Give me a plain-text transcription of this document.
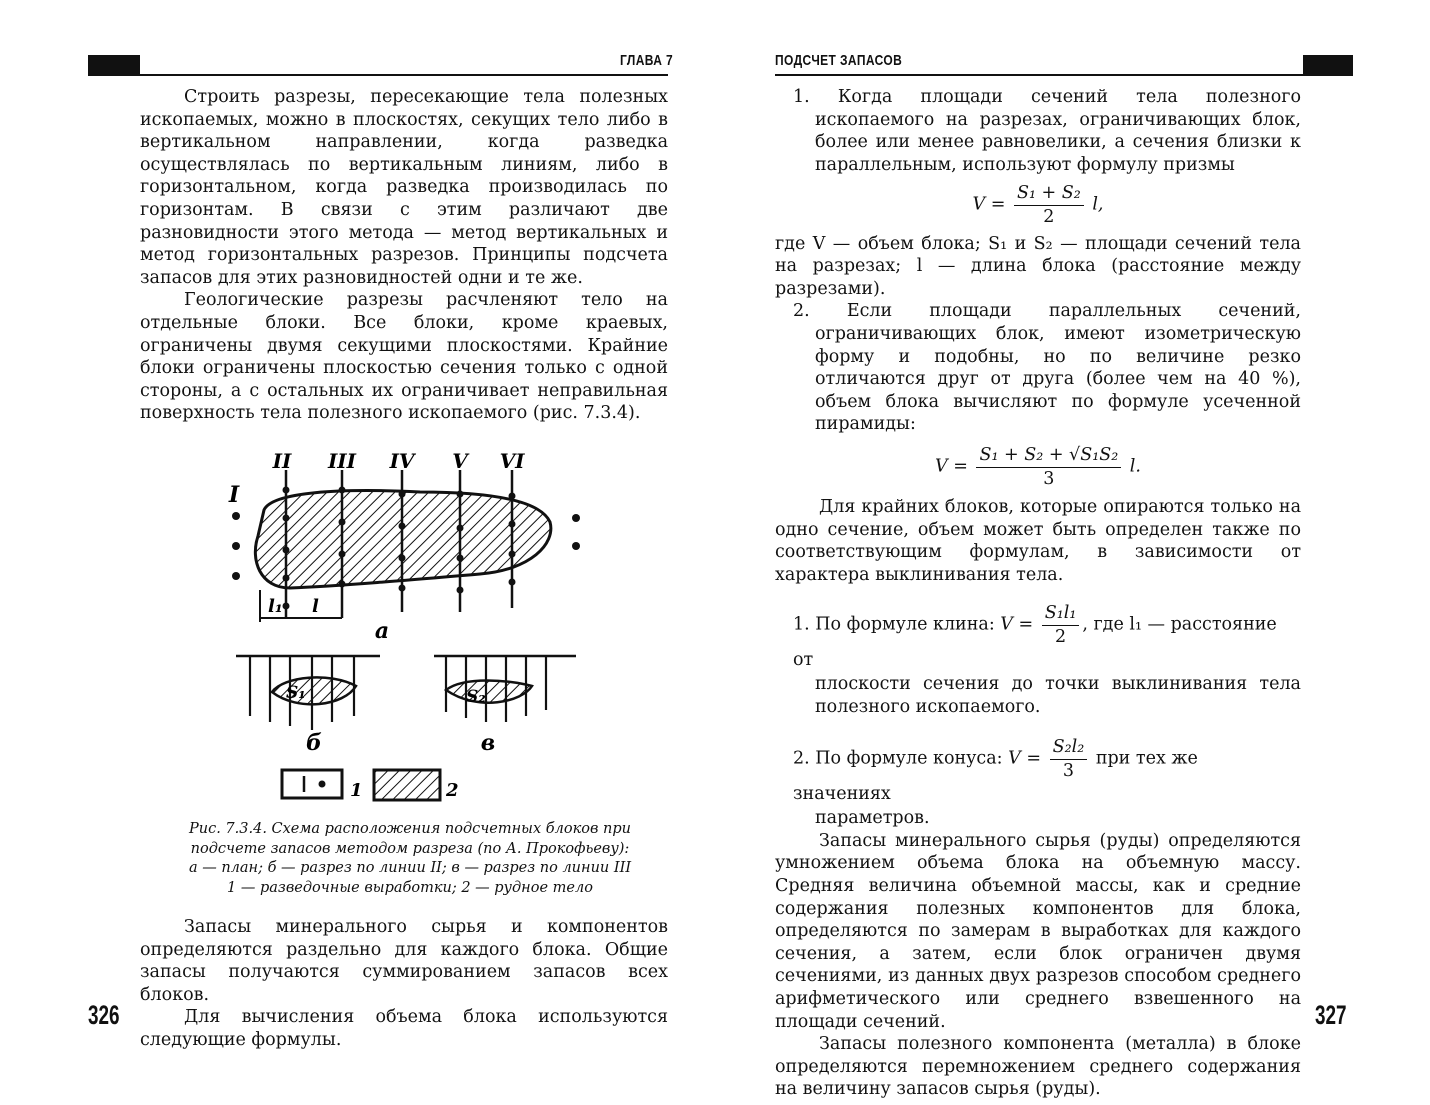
ГЛАВА 7

Строить разрезы, пересекающие тела полезных ископаемых, можно в плоскостях, секущих тело либо в вертикальном направлении, когда разведка осуществлялась по вертикальным линиям, либо в горизонтальном, когда разведка производилась по горизонтам. В связи с этим различают две разновидности этого метода — метод вертикальных и метод горизонтальных разрезов. Принципы подсчета запасов для этих разновидностей одни и те же.

Геологические разрезы расчленяют тело на отдельные блоки. Все блоки, кроме краевых, ограничены двумя секущими плоскостями. Крайние блоки ограничены плоскостью сечения только с одной стороны, а с остальных их ограничивает неправильная поверхность тела полезного ископаемого (рис. 7.3.4).

II III IV V VI
I
l₁ l
а
S₁
б
S₂
в
1	2
Рис. 7.3.4. Схема расположения подсчетных блоков при
подсчете запасов методом разреза (по А. Прокофьеву):
а — план; б — разрез по линии II; в — разрез по линии III
1 — разведочные выработки; 2 — рудное тело

Запасы минерального сырья и компонентов определяются раздельно для каждого блока. Общие запасы получаются суммированием запасов всех блоков.

Для вычисления объема блока используются следующие формулы.

326
ПОДСЧЕТ ЗАПАСОВ

1. Когда площади сечений тела полезного ископаемого на разрезах, ограничивающих блок, более или менее равновелики, а сечения близки к параллельным, используют формулу призмы

$V = \frac{\text{S₁ + S₂}}{2} l$,

где V — объем блока; S₁ и S₂ — площади сечений тела на разрезах; l — длина блока (расстояние между разрезами).

2. Если площади параллельных сечений, ограничивающих блок, имеют изометрическую форму и подобны, но по величине резко отличаются друг от друга (более чем на 40 %), объем блока вычисляют по формуле усеченной пирамиды:

$V = \frac{\text{S₁ + S₂ + √S₁S₂}}{3} l$.

Для крайних блоков, которые опираются только на одно сечение, объем может быть определен также по соответствующим формулам, в зависимости от характера выклинивания тела.

1. По формуле клина: $V = \frac{\text{S₁l₁}}{2}$ , где l₁ — расстояние от

плоскости сечения до точки выклинивания тела полезного ископаемого.

2. По формуле конуса: $V = \frac{\text{S₂l₂}}{3}$ при тех же значениях

параметров.

Запасы минерального сырья (руды) определяются умножением объема блока на объемную массу. Средняя величина объемной массы, как и средние содержания полезных компонентов для блока, определяются по замерам в выработках для каждого сечения, а затем, если блок ограничен двумя сечениями, из данных двух разрезов способом среднего арифметического или среднего взвешенного на площади сечений.

Запасы полезного компонента (металла) в блоке определяются перемножением среднего содержания на величину запасов сырья (руды).

327
